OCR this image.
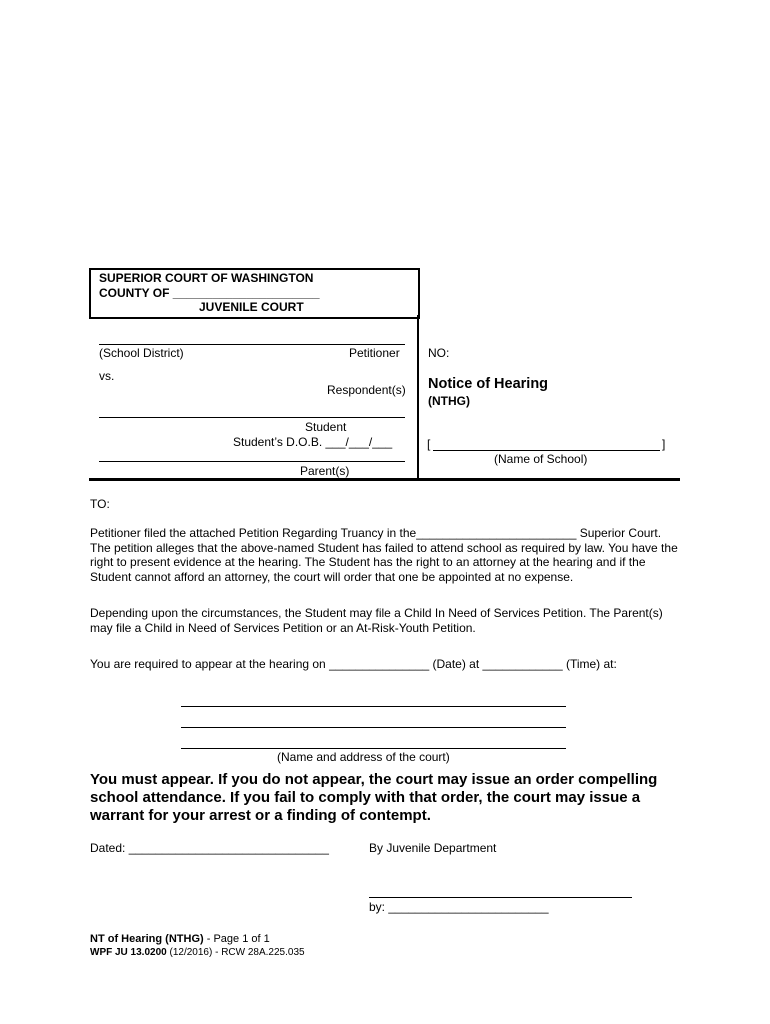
SUPERIOR COURT OF WASHINGTON
COUNTY OF ______________________
JUVENILE COURT
(School District)	Petitioner
vs.
Respondent(s)
Student
Student’s D.O.B. ___/___/___
Parent(s)
NO:
Notice of Hearing
(NTHG)
[	]
(Name of School)
TO:
Petitioner filed the attached Petition Regarding Truancy in the________________________ Superior Court. The petition alleges that the above-named Student has failed to attend school as required by law. You have the right to present evidence at the hearing. The Student has the right to an attorney at the hearing and if the Student cannot afford an attorney, the court will order that one be appointed at no expense.
Depending upon the circumstances, the Student may file a Child In Need of Services Petition. The Parent(s) may file a Child in Need of Services Petition or an At-Risk-Youth Petition.
You are required to appear at the hearing on _______________ (Date) at ____________ (Time) at:
(Name and address of the court)
You must appear. If you do not appear, the court may issue an order compelling school attendance. If you fail to comply with that order, the court may issue a warrant for your arrest or a finding of contempt.
Dated: ______________________________	By Juvenile Department
by: ________________________
NT of Hearing (NTHG) - Page 1 of 1
WPF JU 13.0200 (12/2016) - RCW 28A.225.035
